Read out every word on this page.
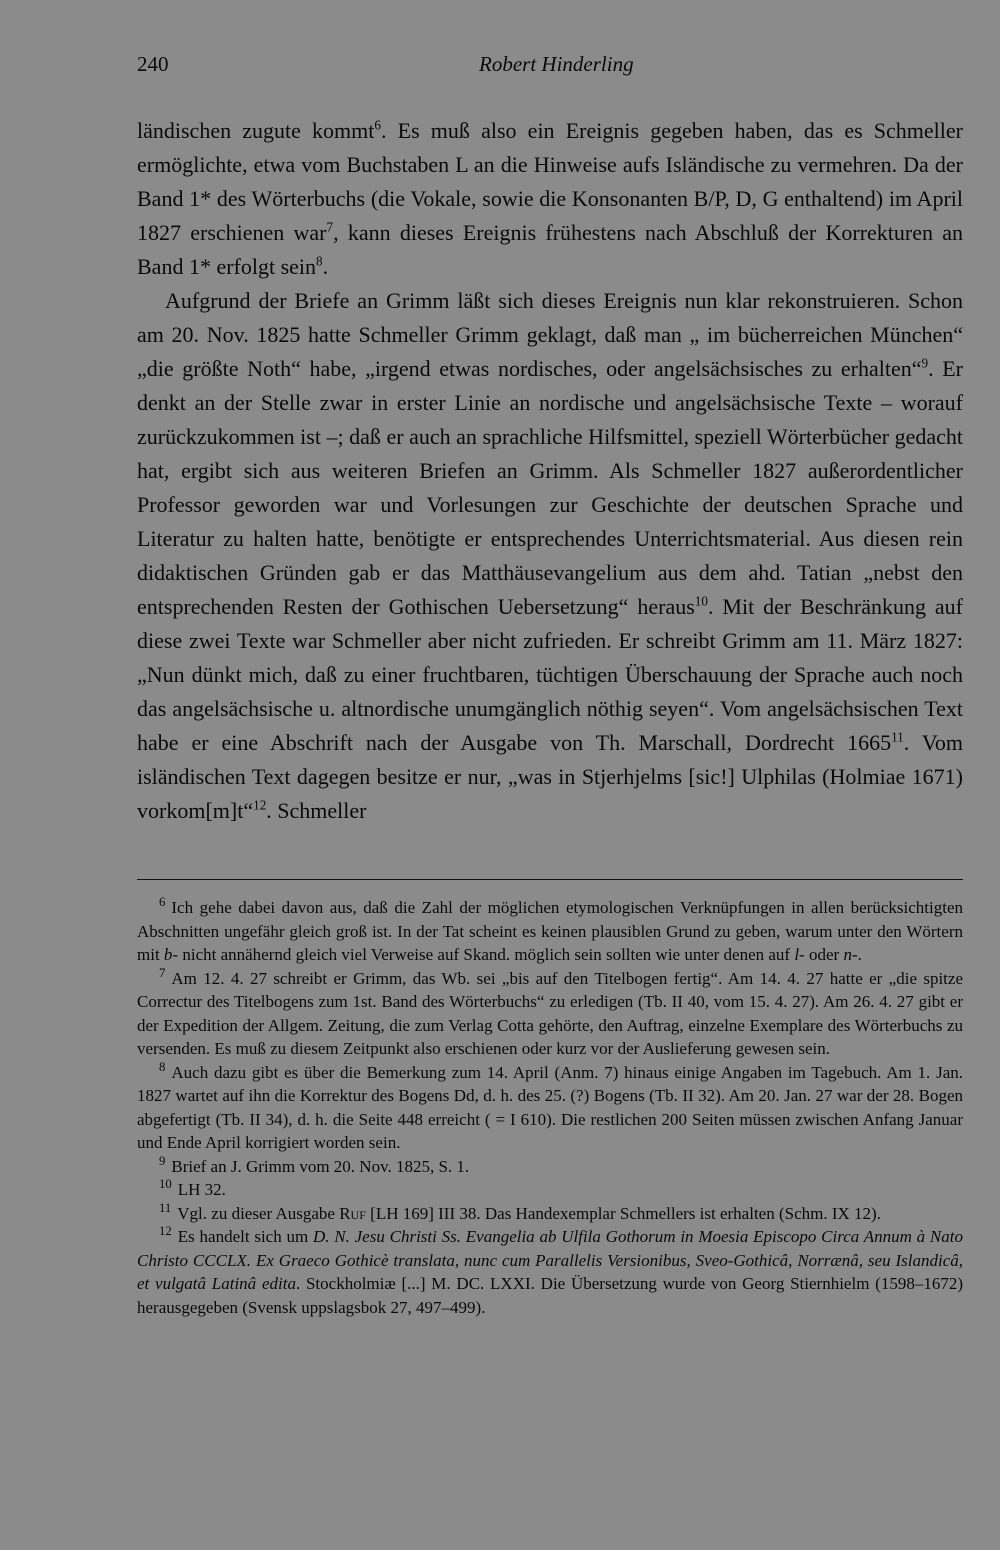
240	Robert Hinderling

ländischen zugute kommt$^6$. Es muß also ein Ereignis gegeben haben, das es Schmeller ermöglichte, etwa vom Buchstaben L an die Hinweise aufs Isländische zu vermehren. Da der Band 1* des Wörterbuchs (die Vokale, sowie die Konsonanten B/P, D, G enthaltend) im April 1827 erschienen war$^7$, kann dieses Ereignis frühestens nach Abschluß der Korrekturen an Band 1* erfolgt sein$^8$.

Aufgrund der Briefe an Grimm läßt sich dieses Ereignis nun klar rekonstruieren. Schon am 20. Nov. 1825 hatte Schmeller Grimm geklagt, daß man „ im bücherreichen München“ „die größte Noth“ habe, „irgend etwas nordisches, oder angelsächsisches zu erhalten“$^9$. Er denkt an der Stelle zwar in erster Linie an nordische und angelsächsische Texte – worauf zurückzukommen ist –; daß er auch an sprachliche Hilfsmittel, speziell Wörterbücher gedacht hat, ergibt sich aus weiteren Briefen an Grimm. Als Schmeller 1827 außerordentlicher Professor geworden war und Vorlesungen zur Geschichte der deutschen Sprache und Literatur zu halten hatte, benötigte er entsprechendes Unterrichtsmaterial. Aus diesen rein didaktischen Gründen gab er das Matthäusevangelium aus dem ahd. Tatian „nebst den entsprechenden Resten der Gothischen Uebersetzung“ heraus$^{10}$. Mit der Beschränkung auf diese zwei Texte war Schmeller aber nicht zufrieden. Er schreibt Grimm am 11. März 1827: „Nun dünkt mich, daß zu einer fruchtbaren, tüchtigen Überschauung der Sprache auch noch das angelsächsische u. altnordische unumgänglich nöthig seyen“. Vom angelsächsischen Text habe er eine Abschrift nach der Ausgabe von Th. Marschall, Dordrecht 1665$^{11}$. Vom isländischen Text dagegen besitze er nur, „was in Stjerhjelms [sic!] Ulphilas (Holmiae 1671) vorkom[m]t“$^{12}$. Schmeller

$^6$ Ich gehe dabei davon aus, daß die Zahl der möglichen etymologischen Verknüpfungen in allen berücksichtigten Abschnitten ungefähr gleich groß ist. In der Tat scheint es keinen plausiblen Grund zu geben, warum unter den Wörtern mit b- nicht annähernd gleich viel Verweise auf Skand. möglich sein sollten wie unter denen auf l- oder n-.

$^7$ Am 12. 4. 27 schreibt er Grimm, das Wb. sei „bis auf den Titelbogen fertig“. Am 14. 4. 27 hatte er „die spitze Correctur des Titelbogens zum 1st. Band des Wörterbuchs“ zu erledigen (Tb. II 40, vom 15. 4. 27). Am 26. 4. 27 gibt er der Expedition der Allgem. Zeitung, die zum Verlag Cotta gehörte, den Auftrag, einzelne Exemplare des Wörterbuchs zu versenden. Es muß zu diesem Zeitpunkt also erschienen oder kurz vor der Auslieferung gewesen sein.

$^8$ Auch dazu gibt es über die Bemerkung zum 14. April (Anm. 7) hinaus einige Angaben im Tagebuch. Am 1. Jan. 1827 wartet auf ihn die Korrektur des Bogens Dd, d. h. des 25. (?) Bogens (Tb. II 32). Am 20. Jan. 27 war der 28. Bogen abgefertigt (Tb. II 34), d. h. die Seite 448 erreicht ( = I 610). Die restlichen 200 Seiten müssen zwischen Anfang Januar und Ende April korrigiert worden sein.

$^9$ Brief an J. Grimm vom 20. Nov. 1825, S. 1.

$^{10}$ LH 32.

$^{11}$ Vgl. zu dieser Ausgabe Ruf [LH 169] III 38. Das Handexemplar Schmellers ist erhalten (Schm. IX 12).

$^{12}$ Es handelt sich um D. N. Jesu Christi Ss. Evangelia ab Ulfila Gothorum in Moesia Episcopo Circa Annum à Nato Christo CCCLX. Ex Graeco Gothicè translata, nunc cum Parallelis Versionibus, Sveo-Gothicâ, Norrænâ, seu Islandicâ, et vulgatâ Latinâ edita. Stockholmiæ [...] M. DC. LXXI. Die Übersetzung wurde von Georg Stiernhielm (1598–1672) herausgegeben (Svensk uppslagsbok 27, 497–499).
